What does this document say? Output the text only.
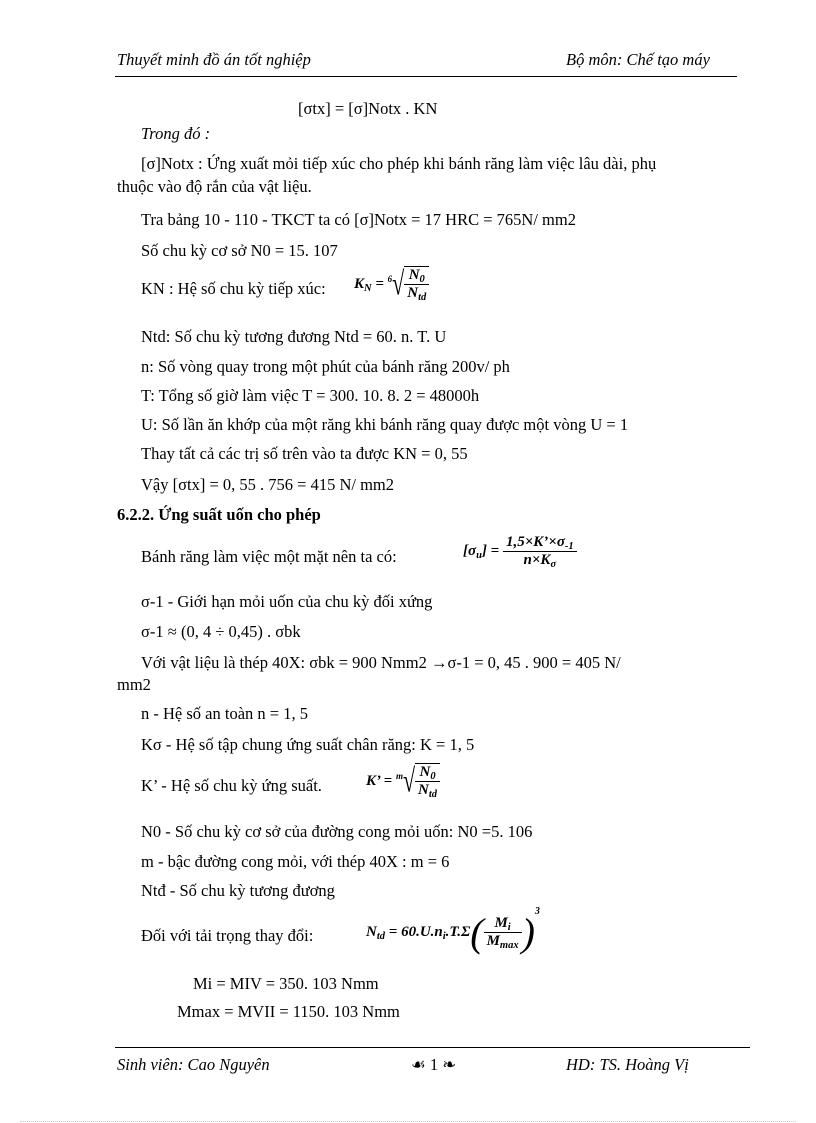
Thuyết minh đồ án tốt nghiệp	Bộ môn: Chế tạo máy
[σtx] = [σ]Notx . KN
Trong đó :
[σ]Notx : Ứng xuất mỏi tiếp xúc cho phép khi bánh răng làm việc lâu dài, phụ
thuộc vào độ rắn của vật liệu.
Tra bảng 10 - 110 - TKCT ta có [σ]Notx = 17 HRC = 765N/ mm2
Số chu kỳ cơ sở N0 = 15. 107
KN : Hệ số chu kỳ tiếp xúc: $K_N = ^6√ \frac{N_0}{N_{td}}$
Ntd: Số chu kỳ tương đương Ntd = 60. n. T. U
n: Số vòng quay trong một phút của bánh răng 200v/ ph
T: Tổng số giờ làm việc T = 300. 10. 8. 2 = 48000h
U: Số lần ăn khớp của một răng khi bánh răng quay được một vòng U = 1
Thay tất cả các trị số trên vào ta được KN = 0, 55
Vậy [σtx] = 0, 55 . 756 = 415 N/ mm2
6.2.2. Ứng suất uốn cho phép
Bánh răng làm việc một mặt nên ta có:	$[\sigma_u] = \frac{1,5\times K’\times\sigma_{-1}}{n\times K_\sigma}$
σ-1 - Giới hạn mỏi uốn của chu kỳ đối xứng
σ-1 ≈ (0, 4 ÷ 0,45) . σbk
Với vật liệu là thép 40X: σbk = 900 Nmm2 →σ-1 = 0, 45 . 900 = 405 N/
mm2
n - Hệ số an toàn n = 1, 5
Kσ - Hệ số tập chung ứng suất chân răng: K = 1, 5
K’ - Hệ số chu kỳ ứng suất.	K’ = $^m√ \frac{N_0}{N_{td}}$
N0 - Số chu kỳ cơ sở của đường cong mỏi uốn: N0 =5. 106
m - bậc đường cong mỏi, với thép 40X : m = 6
Ntđ - Số chu kỳ tương đương
Đối với tải trọng thay đổi:	$N_{td} = 60.U.n_i.T.\Sigma( \frac{M_i}{M_{max}} )^3$
Mi = MIV = 350. 103 Nmm
Mmax = MVII = 1150. 103 Nmm
Sinh viên: Cao Nguyên	☙ 1 ❧	HD: TS. Hoàng Vị
